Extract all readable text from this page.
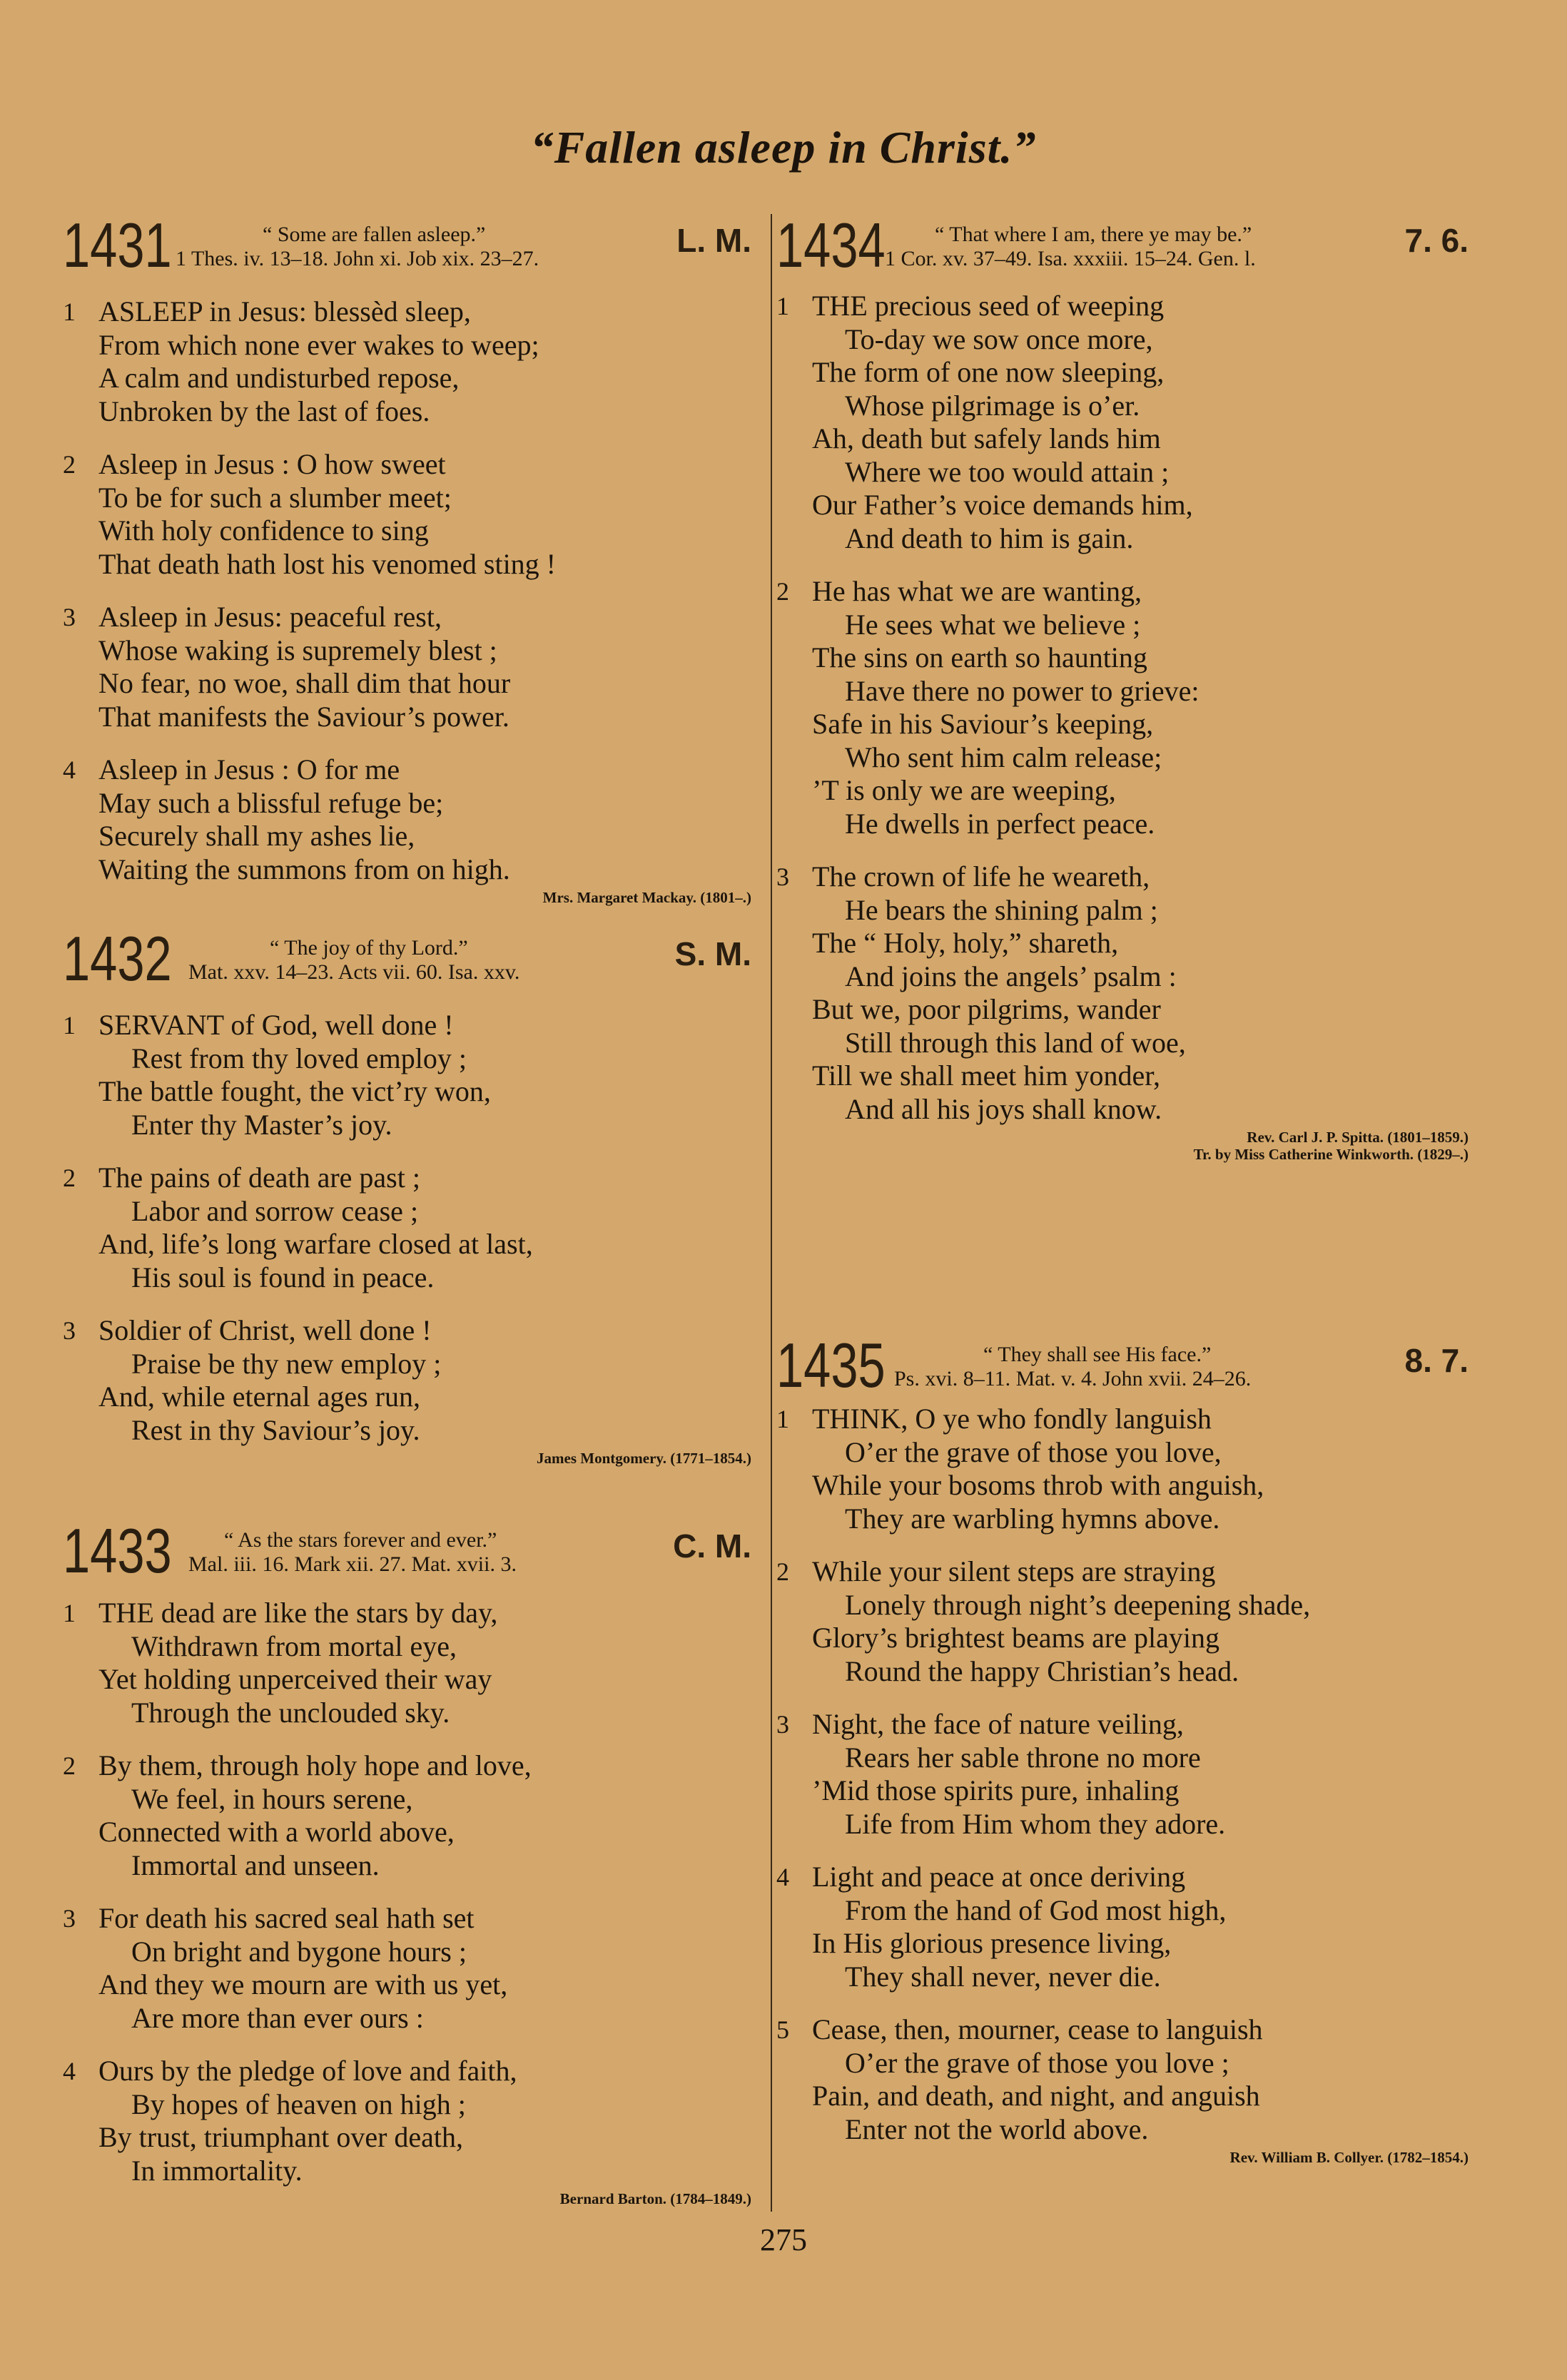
“Fallen asleep in Christ.”
1431	“ Some are fallen asleep.”
1 Thes. iv. 13–18. John xi. Job xix. 23–27.	L. M.
1 ASLEEP in Jesus: blessèd sleep,
From which none ever wakes to weep;
A calm and undisturbed repose,
Unbroken by the last of foes.
2 Asleep in Jesus : O how sweet
To be for such a slumber meet;
With holy confidence to sing
That death hath lost his venomed sting !
3 Asleep in Jesus: peaceful rest,
Whose waking is supremely blest ;
No fear, no woe, shall dim that hour
That manifests the Saviour’s power.
4 Asleep in Jesus : O for me
May such a blissful refuge be;
Securely shall my ashes lie,
Waiting the summons from on high.
Mrs. Margaret Mackay. (1801–.)
1432	“ The joy of thy Lord.”
Mat. xxv. 14–23. Acts vii. 60. Isa. xxv.	S. M.
1 SERVANT of God, well done !
Rest from thy loved employ ;
The battle fought, the vict’ry won,
Enter thy Master’s joy.
2 The pains of death are past ;
Labor and sorrow cease ;
And, life’s long warfare closed at last,
His soul is found in peace.
3 Soldier of Christ, well done !
Praise be thy new employ ;
And, while eternal ages run,
Rest in thy Saviour’s joy.
James Montgomery. (1771–1854.)
1433 “ As the stars forever and ever.”
Mal. iii. 16. Mark xii. 27. Mat. xvii. 3.	C. M.
1 THE dead are like the stars by day,
Withdrawn from mortal eye,
Yet holding unperceived their way
Through the unclouded sky.
2 By them, through holy hope and love,
We feel, in hours serene,
Connected with a world above,
Immortal and unseen.
3 For death his sacred seal hath set
On bright and bygone hours ;
And they we mourn are with us yet,
Are more than ever ours :
4 Ours by the pledge of love and faith,
By hopes of heaven on high ;
By trust, triumphant over death,
In immortality.
Bernard Barton. (1784–1849.)
1434 “ That where I am, there ye may be.”
1 Cor. xv. 37–49. Isa. xxxiii. 15–24. Gen. l.	7. 6.
1 THE precious seed of weeping
To-day we sow once more,
The form of one now sleeping,
Whose pilgrimage is o’er.
Ah, death but safely lands him
Where we too would attain ;
Our Father’s voice demands him,
And death to him is gain.
2 He has what we are wanting,
He sees what we believe ;
The sins on earth so haunting
Have there no power to grieve:
Safe in his Saviour’s keeping,
Who sent him calm release;
’T is only we are weeping,
He dwells in perfect peace.
3 The crown of life he weareth,
He bears the shining palm ;
The “ Holy, holy,” shareth,
And joins the angels’ psalm :
But we, poor pilgrims, wander
Still through this land of woe,
Till we shall meet him yonder,
And all his joys shall know.
Rev. Carl J. P. Spitta. (1801–1859.)
Tr. by Miss Catherine Winkworth. (1829–.)
1435	“ They shall see His face.”
Ps. xvi. 8–11. Mat. v. 4. John xvii. 24–26.	8. 7.
1 THINK, O ye who fondly languish
O’er the grave of those you love,
While your bosoms throb with anguish,
They are warbling hymns above.
2 While your silent steps are straying
Lonely through night’s deepening shade,
Glory’s brightest beams are playing
Round the happy Christian’s head.
3 Night, the face of nature veiling,
Rears her sable throne no more
’Mid those spirits pure, inhaling
Life from Him whom they adore.
4 Light and peace at once deriving
From the hand of God most high,
In His glorious presence living,
They shall never, never die.
5 Cease, then, mourner, cease to languish
O’er the grave of those you love ;
Pain, and death, and night, and anguish
Enter not the world above.
Rev. William B. Collyer. (1782–1854.)
275
